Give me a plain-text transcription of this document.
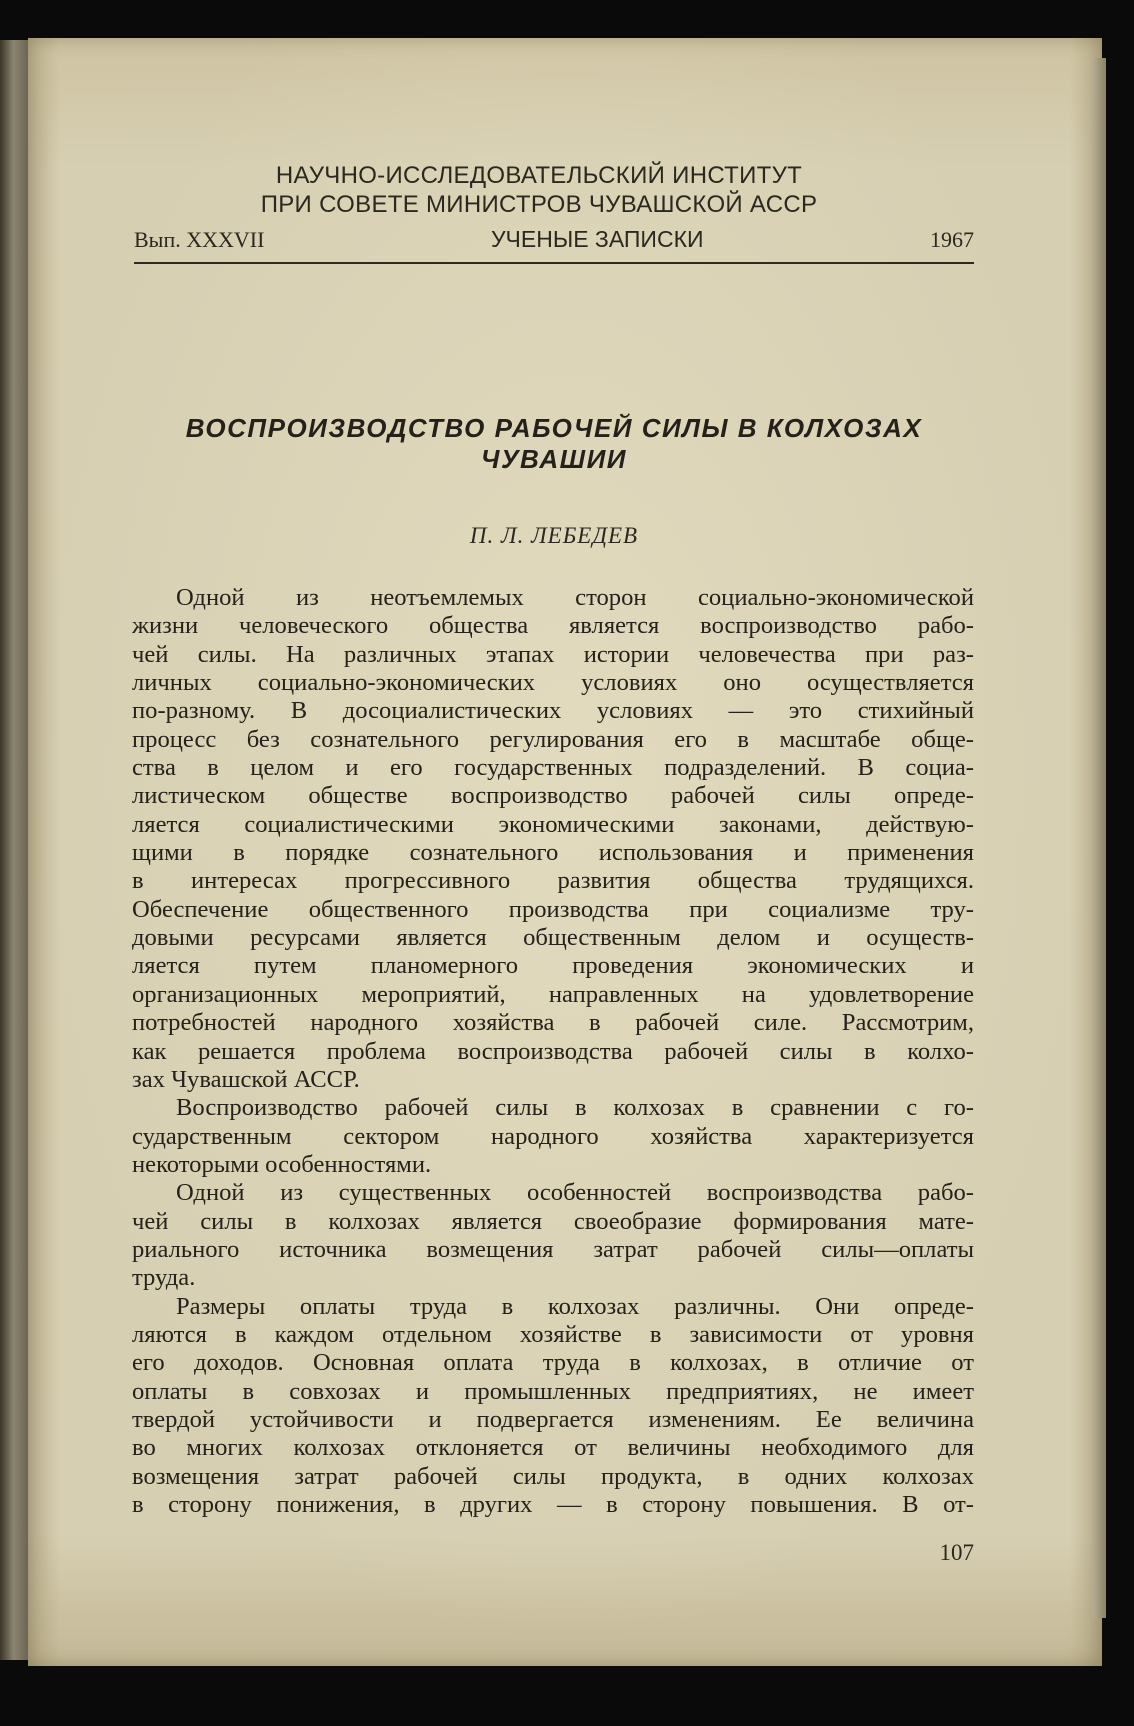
НАУЧНО-ИССЛЕДОВАТЕЛЬСКИЙ ИНСТИТУТ
ПРИ СОВЕТЕ МИНИСТРОВ ЧУВАШСКОЙ АССР
Вып. XXXVII	УЧЕНЫЕ ЗАПИСКИ	1967
ВОСПРОИЗВОДСТВО РАБОЧЕЙ СИЛЫ В КОЛХОЗАХ
ЧУВАШИИ
П. Л. ЛЕБЕДЕВ
Одной из неотъемлемых сторон социально-экономической
жизни человеческого общества является воспроизводство рабо-
чей силы. На различных этапах истории человечества при раз-
личных социально-экономических условиях оно осуществляется
по-разному. В досоциалистических условиях — это стихийный
процесс без сознательного регулирования его в масштабе обще-
ства в целом и его государственных подразделений. В социа-
листическом обществе воспроизводство рабочей силы опреде-
ляется социалистическими экономическими законами, действую-
щими в порядке сознательного использования и применения
в интересах прогрессивного развития общества трудящихся.
Обеспечение общественного производства при социализме тру-
довыми ресурсами является общественным делом и осуществ-
ляется путем планомерного проведения экономических и
организационных мероприятий, направленных на удовлетворение
потребностей народного хозяйства в рабочей силе. Рассмотрим,
как решается проблема воспроизводства рабочей силы в колхо-
зах Чувашской АССР.
Воспроизводство рабочей силы в колхозах в сравнении с го-
сударственным сектором народного хозяйства характеризуется
некоторыми особенностями.
Одной из существенных особенностей воспроизводства рабо-
чей силы в колхозах является своеобразие формирования мате-
риального источника возмещения затрат рабочей силы—оплаты
труда.
Размеры оплаты труда в колхозах различны. Они опреде-
ляются в каждом отдельном хозяйстве в зависимости от уровня
его доходов. Основная оплата труда в колхозах, в отличие от
оплаты в совхозах и промышленных предприятиях, не имеет
твердой устойчивости и подвергается изменениям. Ее величина
во многих колхозах отклоняется от величины необходимого для
возмещения затрат рабочей силы продукта, в одних колхозах
в сторону понижения, в других — в сторону повышения. В от-
107
